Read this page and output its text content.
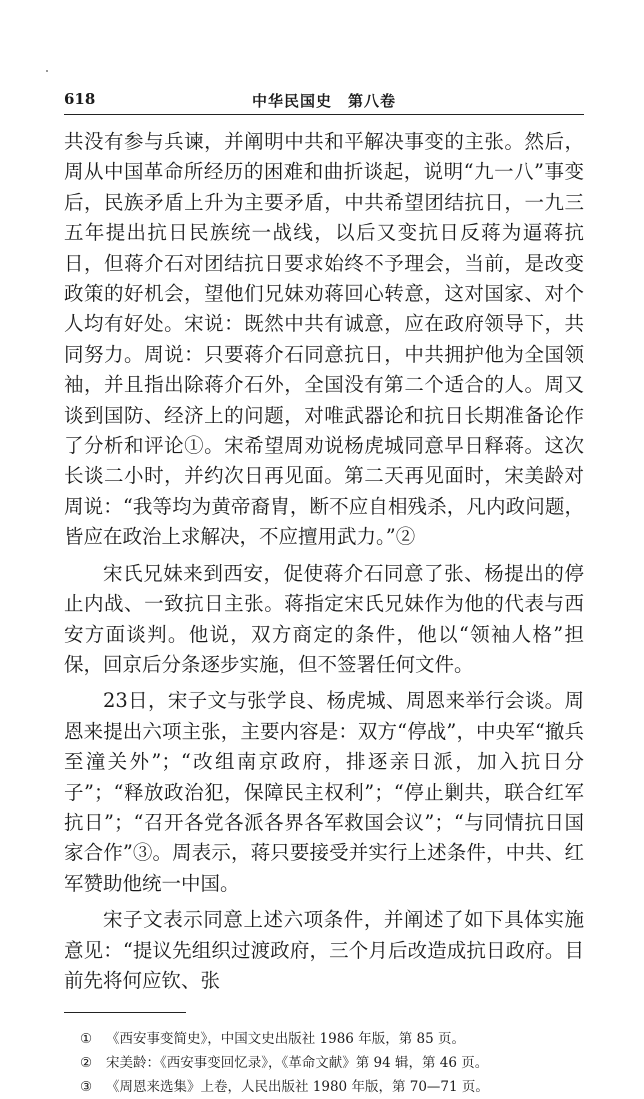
618	中华民国史　第八卷

共没有参与兵谏，并阐明中共和平解决事变的主张。然后，周从中国革命所经历的困难和曲折谈起，说明“九一八”事变后，民族矛盾上升为主要矛盾，中共希望团结抗日，一九三五年提出抗日民族统一战线，以后又变抗日反蒋为逼蒋抗日，但蒋介石对团结抗日要求始终不予理会，当前，是改变政策的好机会，望他们兄妹劝蒋回心转意，这对国家、对个人均有好处。宋说：既然中共有诚意，应在政府领导下，共同努力。周说：只要蒋介石同意抗日，中共拥护他为全国领袖，并且指出除蒋介石外，全国没有第二个适合的人。周又谈到国防、经济上的问题，对唯武器论和抗日长期准备论作了分析和评论①。宋希望周劝说杨虎城同意早日释蒋。这次长谈二小时，并约次日再见面。第二天再见面时，宋美龄对周说：“我等均为黄帝裔胄，断不应自相残杀，凡内政问题，皆应在政治上求解决，不应擅用武力。”②

宋氏兄妹来到西安，促使蒋介石同意了张、杨提出的停止内战、一致抗日主张。蒋指定宋氏兄妹作为他的代表与西安方面谈判。他说，双方商定的条件，他以“领袖人格”担保，回京后分条逐步实施，但不签署任何文件。

23日，宋子文与张学良、杨虎城、周恩来举行会谈。周恩来提出六项主张，主要内容是：双方“停战”，中央军“撤兵至潼关外”；“改组南京政府，排逐亲日派，加入抗日分子”；“释放政治犯，保障民主权利”；“停止剿共，联合红军抗日”；“召开各党各派各界各军救国会议”；“与同情抗日国家合作”③。周表示，蒋只要接受并实行上述条件，中共、红军赞助他统一中国。

宋子文表示同意上述六项条件，并阐述了如下具体实施意见：“提议先组织过渡政府，三个月后改造成抗日政府。目前先将何应钦、张

① 《西安事变简史》，中国文史出版社 1986 年版，第 85 页。
② 宋美龄：《西安事变回忆录》，《革命文献》第 94 辑，第 46 页。
③ 《周恩来选集》上卷，人民出版社 1980 年版，第 70—71 页。
